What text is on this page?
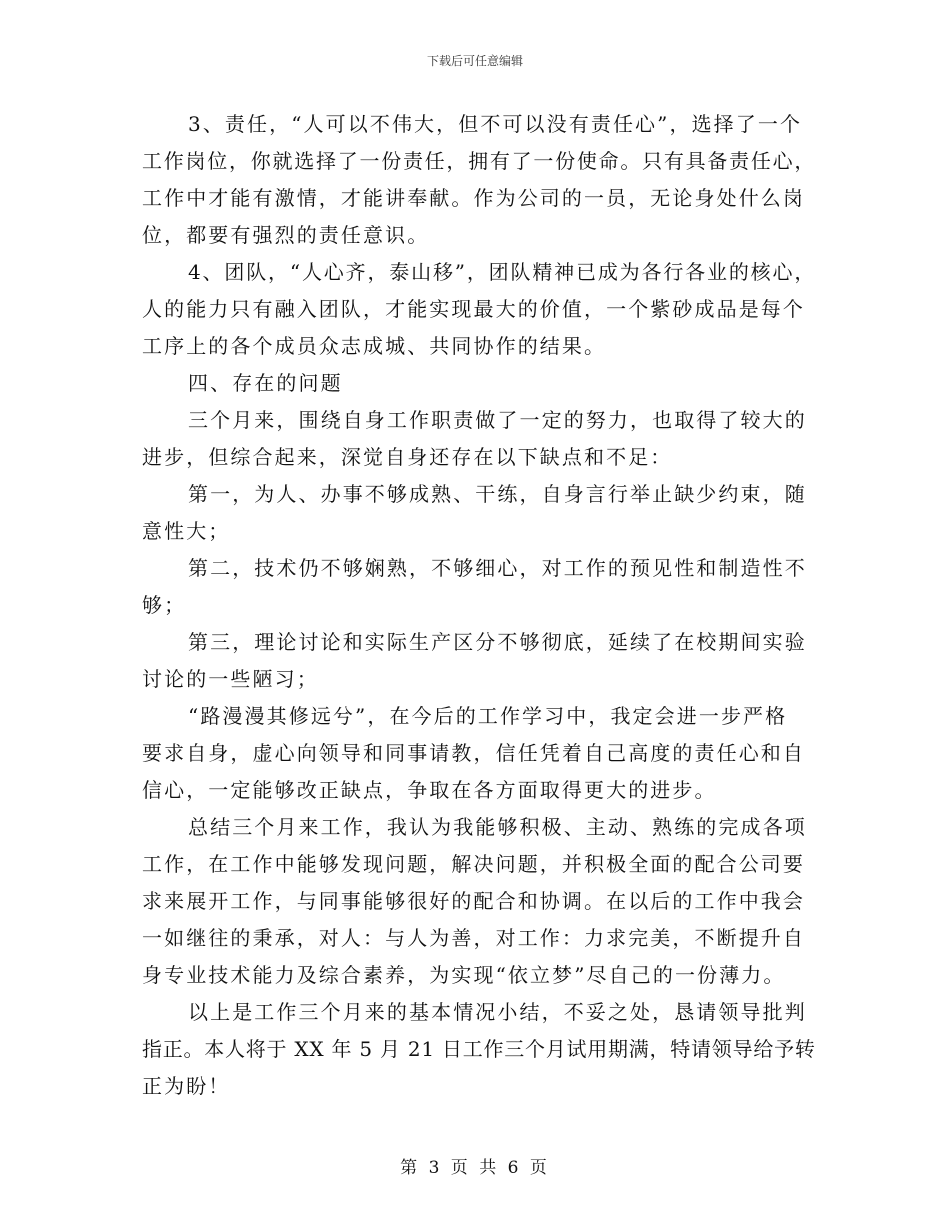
下载后可任意编辑
3、责任，“人可以不伟大，但不可以没有责任心”，选择了一个
工作岗位，你就选择了一份责任，拥有了一份使命。只有具备责任心，
工作中才能有激情，才能讲奉献。作为公司的一员，无论身处什么岗
位，都要有强烈的责任意识。
4、团队，“人心齐，泰山移”，团队精神已成为各行各业的核心，
人的能力只有融入团队，才能实现最大的价值，一个紫砂成品是每个
工序上的各个成员众志成城、共同协作的结果。
四、存在的问题
三个月来，围绕自身工作职责做了一定的努力，也取得了较大的
进步，但综合起来，深觉自身还存在以下缺点和不足：
第一，为人、办事不够成熟、干练，自身言行举止缺少约束，随
意性大；
第二，技术仍不够娴熟，不够细心，对工作的预见性和制造性不
够；
第三，理论讨论和实际生产区分不够彻底，延续了在校期间实验
讨论的一些陋习；
“路漫漫其修远兮”，在今后的工作学习中，我定会进一步严格
要求自身，虚心向领导和同事请教，信任凭着自己高度的责任心和自
信心，一定能够改正缺点，争取在各方面取得更大的进步。
总结三个月来工作，我认为我能够积极、主动、熟练的完成各项
工作，在工作中能够发现问题，解决问题，并积极全面的配合公司要
求来展开工作，与同事能够很好的配合和协调。在以后的工作中我会
一如继往的秉承，对人：与人为善，对工作：力求完美，不断提升自
身专业技术能力及综合素养，为实现“依立梦”尽自己的一份薄力。
以上是工作三个月来的基本情况小结，不妥之处，恳请领导批判
指正。本人将于 XX 年 5 月 21 日工作三个月试用期满，特请领导给予转
正为盼！
第 3 页 共 6 页
